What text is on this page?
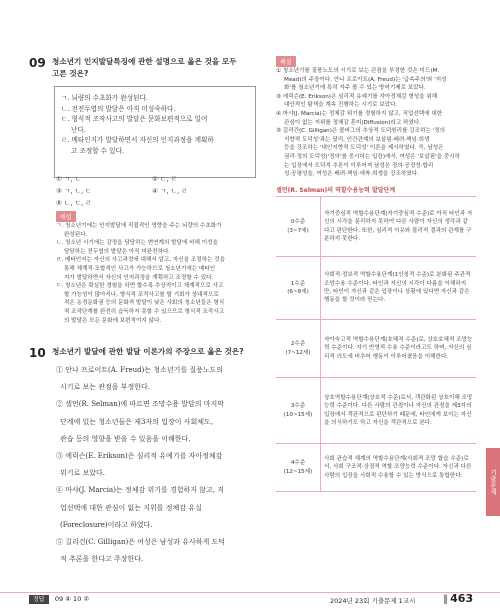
09 청소년기 인지발달특징에 관한 설명으로 옳은 것을 모두
고른 것은?
ㄱ. 뇌량의 수초화가 완성된다.
ㄴ. 전전두엽의 발달은 아직 미성숙하다.
ㄷ. 형식적 조작사고의 발달은 문화보편적으로 일어
난다.
ㄹ. 메타인지가 발달하면서 자신의 인지과정을 계획하
고 조정할 수 있다.
① ㄱ, ㄴ	② ㄷ, ㄹ
③ ㄱ, ㄴ, ㄷ	④ ㄱ, ㄴ, ㄹ
⑤ ㄴ, ㄷ, ㄹ
해설

ㄱ. 청소년기에는 인지발달에 직접적인 영향을 주는 뇌량의 수초화가

완성된다.

ㄴ. 청소년 시기에는 감정을 담당하는 변연계의 발달에 비해 이성을

담당하는 전두엽의 발달은 아직 미완전하다.

ㄹ. 메타인지는 자신의 사고과정에 대해서 알고, 자신을 조절하는 것을

통해 체계적·조합적인 사고가 가능하므로 청소년기에는 메타인

지가 발달하면서 자신의 인지과정을 계획하고 조정할 수 있다.

ㄷ. 청소년은 확실한 경험을 하면 할수록 추상적이고 체계적으로 사고

할 가능성이 많아지나, 형식적 조작사고를 할 기회가 상대적으로

적은 농경문화권 등의 문화적 발달이 낮은 사회의 청소년들은 형식

적 조작단계를 완전히 습득하지 못할 수 있으므로 형식적 조작사고

의 발달은 모든 문화에 보편적이지 않다.

10 청소년기 발달에 관한 발달 이론가의 주장으로 옳은 것은?
① 안나 프로이트(A. Freud)는 청소년기를 질풍노도의
시기로 보는 관점을 부정한다.
② 셀먼(R. Selman)에 따르면 조망수용 발달의 마지막
단계에 있는 청소년들은 제3자의 입장이 사회체도,
관습 등의 영향을 받을 수 있음을 이해한다.
③ 에릭슨(E. Erikson)은 심리적 유예기를 자아정체감
위기로 보았다.
④ 마샤(J. Marcia)는 정체감 위기를 경험하지 않고, 직
업선택에 대한 관심이 없는 지위를 정체감 유실
(Foreclosure)이라고 하였다.
⑤ 길리건(C. Gilligan)은 여성은 남성과 유사하게 도덕
적 추론을 한다고 주장한다.
해설

① 청소년기를 질풍노도의 시기로 보는 관점을 부정한 것은 미드(M.

Mead)의 주장이다. 안나 프로이트(A. Freud)는 '급속주의'와 '지성

화'를 청소년기에 특히 자주 볼 수 있는 방어기제로 보았다.

③ 에릭슨(E. Erikson)은 심리적 유예기를 자아정체감 형성을 위해

대안적인 탐색을 계속 진행하는 시기로 보았다.

④ 마샤(J. Marcia)는 정체감 위기를 경험하지 않고, 직업선택에 대한

관심이 없는 지위를 정체감 혼미(Diffusion)라고 하였다.

⑤ 길리건(C. Gilligan)은 콜버그의 추상적 도덕원리를 강조하는 '정의

지향적 도덕성'과는 달리, 인간관계의 보살핌·배려·책임·희생

등을 강조하는 '대인지향적 도덕성' 이론을 제시하였다. 즉, 남성은

권리·정의 도덕성('정의'를 중시하는 입장)에서, 여성은 '보살핌'을 중시하

는 입장에서 도덕적 추론이 이루어져 남성은 정의·공정성·합리

성·공평성을, 여성은 배려·책임·애착·희생을 강조하였다.

셀먼(R. Selman)의 역할수용능력 발달단계
0수준
(3~7세)	자기중심적 역할수용단계(자기중심적 수준)로 아직 타인과 자신의 시각을 분리하지 못하여 다른 사람이 자신의 생각과 같다고 판단한다. 또한, 심리적 이유와 물리적 결과의 관계를 구분하지 못한다.

1수준
(6~8세)	사회적·정보적 역할수용단계(1인칭적 수준)로 분화된 주관적 조망수용 수준이다. 타인과 자신의 시각이 다름을 이해하지만, 타인이 자신과 같은 입장이나 상황에 있다면 자신과 같은 행동을 할 것이라 믿는다.

2수준
(7~12세)	자아숙고적 역할수용단계(호혜적 수준)로, 상호호혜적 조망능력 수준이다. 자기 반영적 수용 수준이라고도 하며, 자신의 심리적 의도에 비추어 행동이 이루어졌음을 이해한다.

3수준
(10~15세)	상호역할수용단계(상호적 수준)로서, 객관화된 상호이해 조망능력 수준이다. 다른 사람의 관점이나 자신의 관점을 제3자의 입장에서 객관적으로 판단하기 때문에, 타인에게 보이는 자신을 의식하기도 하고 자신을 객관적으로 본다.

4수준
(12~15세)	사회 관습적 체계의 역할수용단계(사회적 조망 합습 수준)로서, 사회 구조적·상징적 역할 조망능력 수준이다. 자신과 다른 사람의 입장을 사회적 수용할 수 있는 방식으로 통합한다.	기출문제
정답 09 ④ 10 ②	2024년 23회 기출문제 1교시	▌463
